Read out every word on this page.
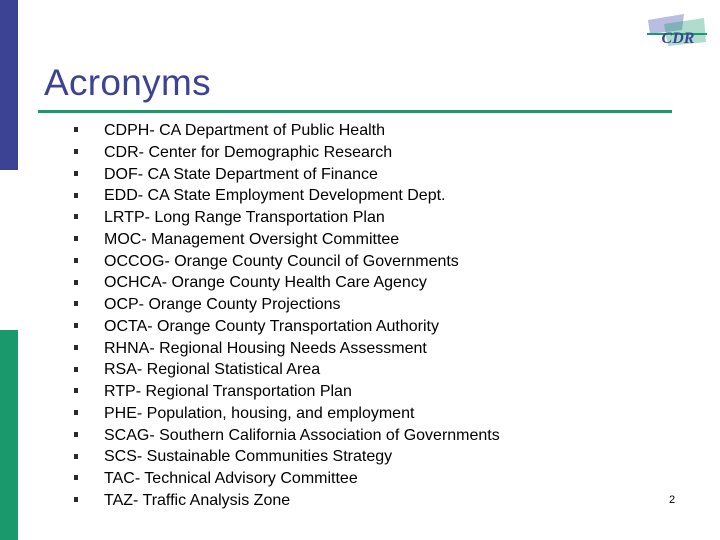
CDR
Acronyms
CDPH- CA Department of Public Health
CDR- Center for Demographic Research
DOF- CA State Department of Finance
EDD- CA State Employment Development Dept.
LRTP- Long Range Transportation Plan
MOC- Management Oversight Committee
OCCOG- Orange County Council of Governments
OCHCA- Orange County Health Care Agency
OCP- Orange County Projections
OCTA- Orange County Transportation Authority
RHNA- Regional Housing Needs Assessment
RSA- Regional Statistical Area
RTP- Regional Transportation Plan
PHE- Population, housing, and employment
SCAG- Southern California Association of Governments
SCS- Sustainable Communities Strategy
TAC- Technical Advisory Committee
TAZ- Traffic Analysis Zone	2
